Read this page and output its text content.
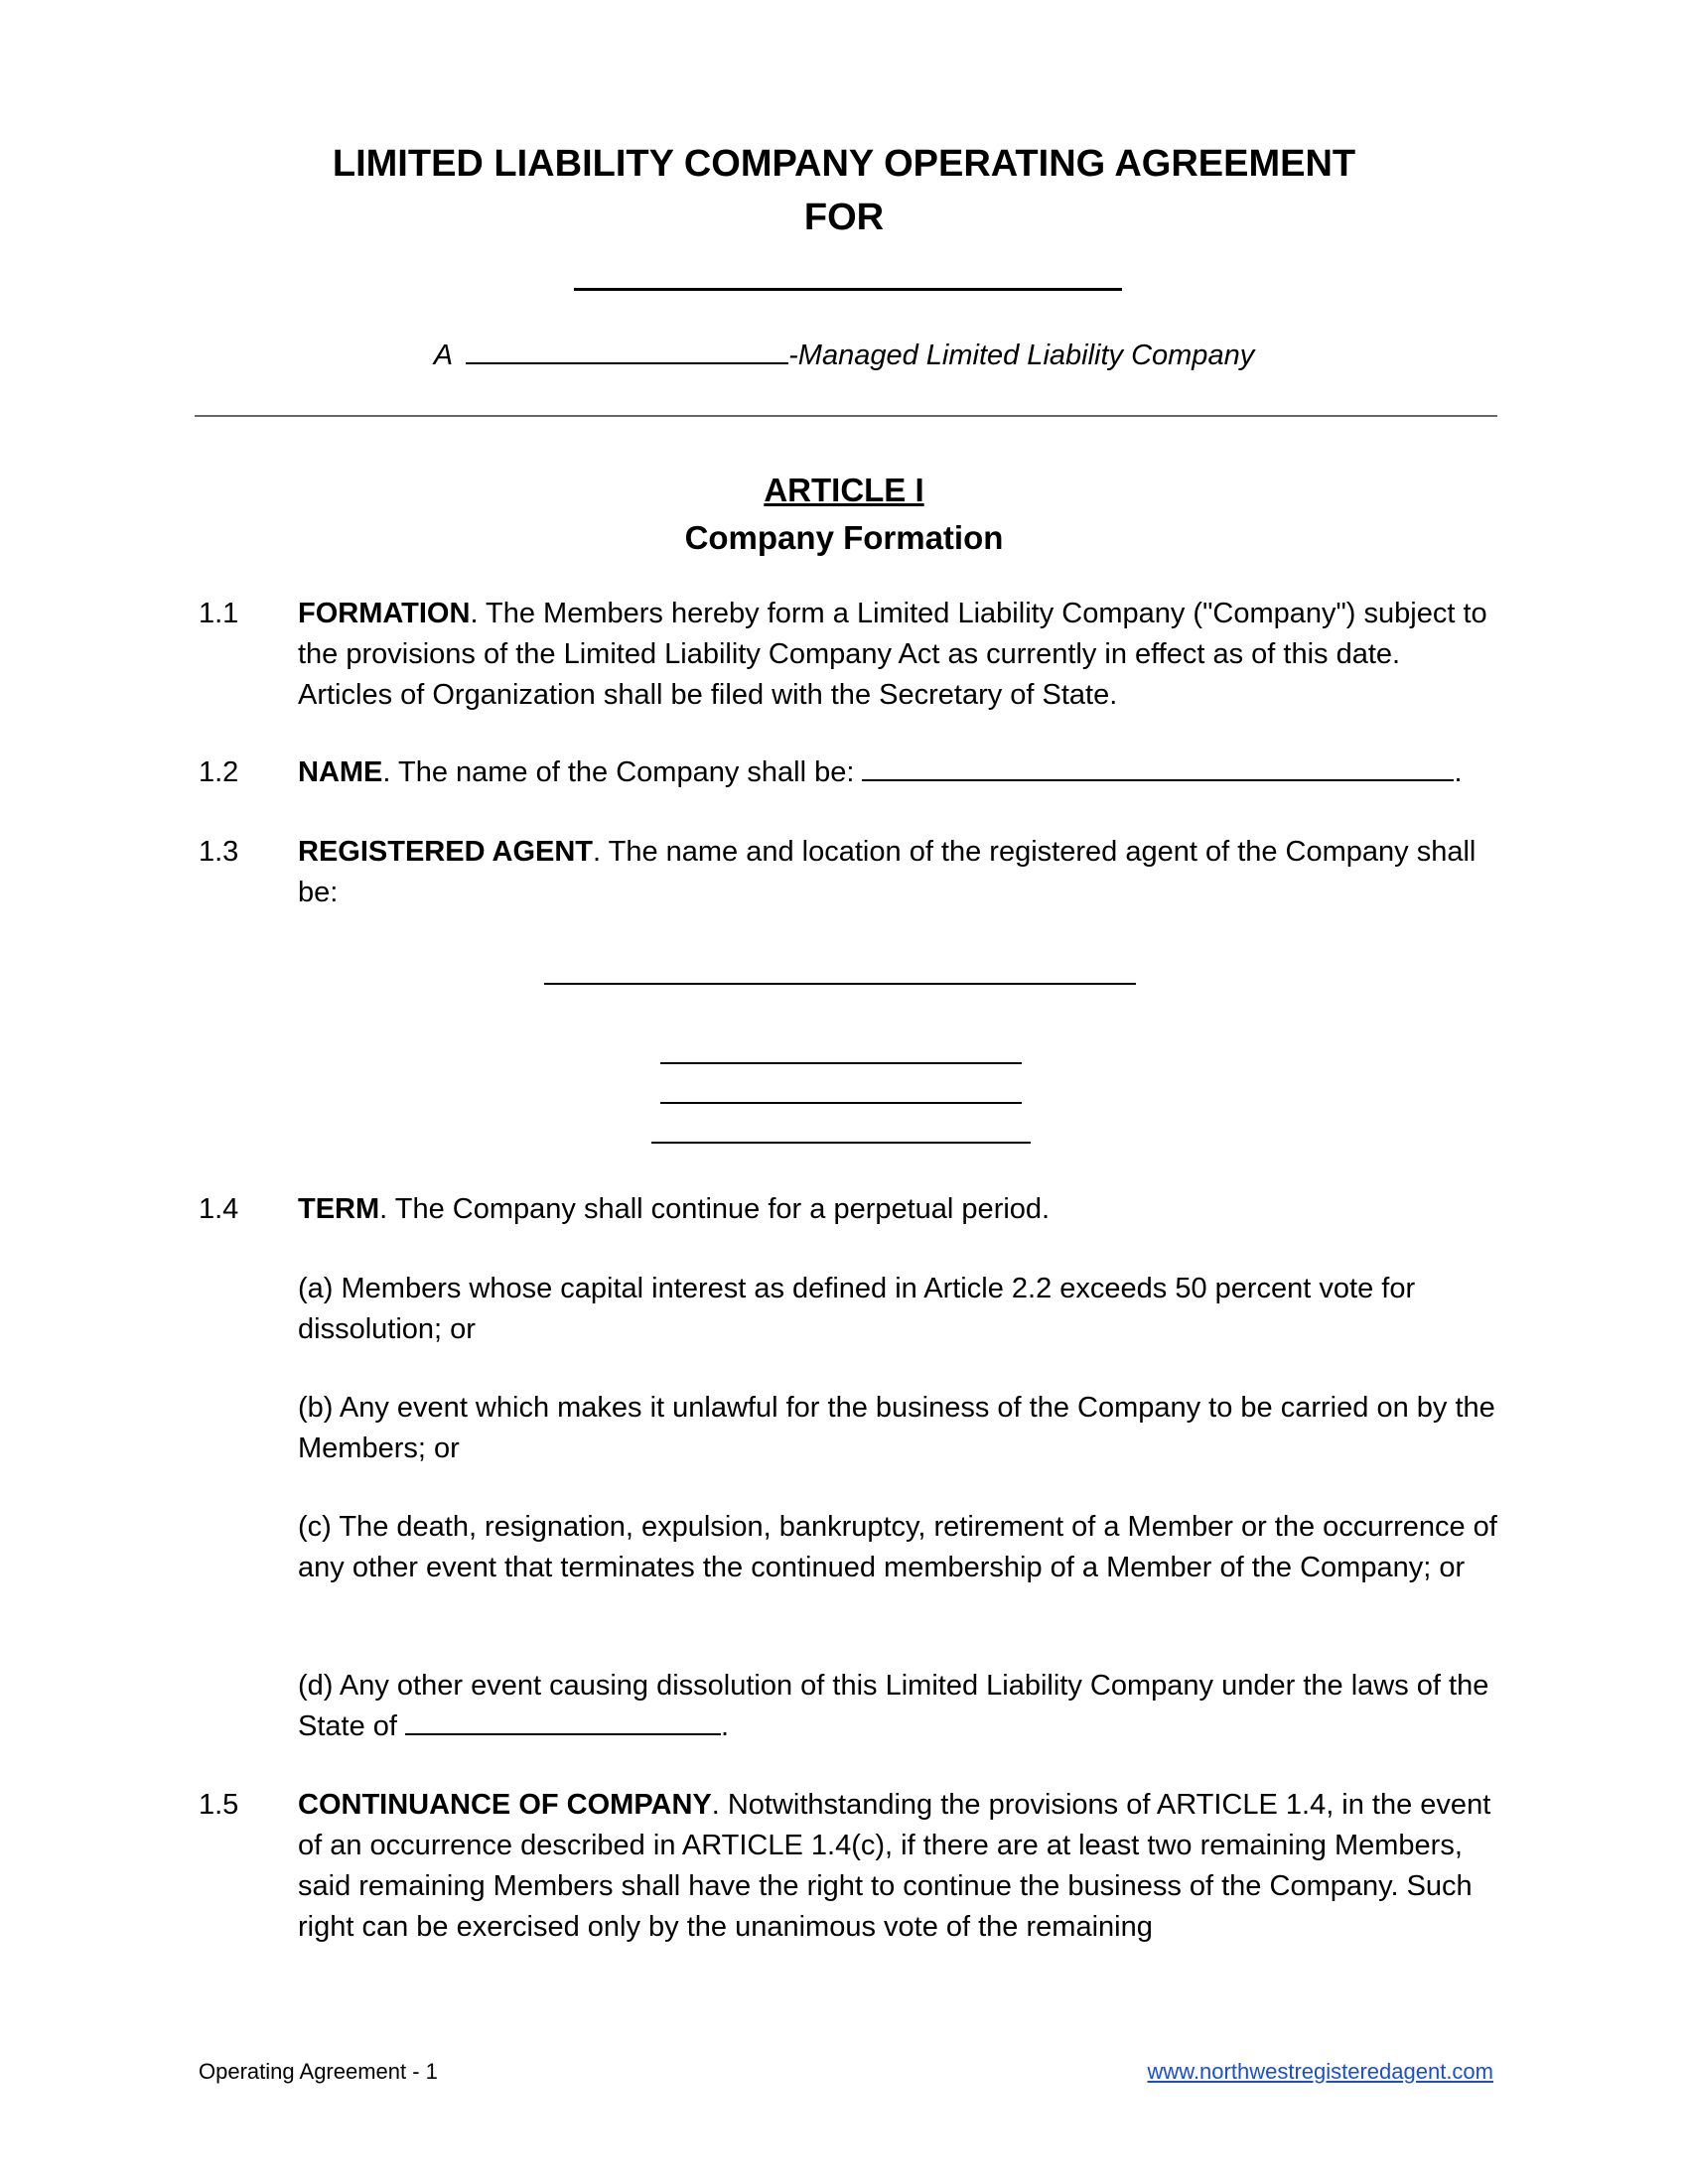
LIMITED LIABILITY COMPANY OPERATING AGREEMENT
FOR
A	-Managed Limited Liability Company
ARTICLE I
Company Formation
1.1 FORMATION. The Members hereby form a Limited Liability Company ("Company") subject to the provisions of the Limited Liability Company Act as currently in effect as of this date. Articles of Organization shall be filed with the Secretary of State.
1.2 NAME. The name of the Company shall be:	.
1.3 REGISTERED AGENT. The name and location of the registered agent of the Company shall be:
1.4 TERM. The Company shall continue for a perpetual period.
(a) Members whose capital interest as defined in Article 2.2 exceeds 50 percent vote for dissolution; or
(b) Any event which makes it unlawful for the business of the Company to be carried on by the Members; or
(c) The death, resignation, expulsion, bankruptcy, retirement of a Member or the occurrence of any other event that terminates the continued membership of a Member of the Company; or
(d) Any other event causing dissolution of this Limited Liability Company under the laws of the State of	.
1.5 CONTINUANCE OF COMPANY. Notwithstanding the provisions of ARTICLE 1.4, in the event of an occurrence described in ARTICLE 1.4(c), if there are at least two remaining Members, said remaining Members shall have the right to continue the business of the Company. Such right can be exercised only by the unanimous vote of the remaining
Operating Agreement - 1	www.northwestregisteredagent.com
